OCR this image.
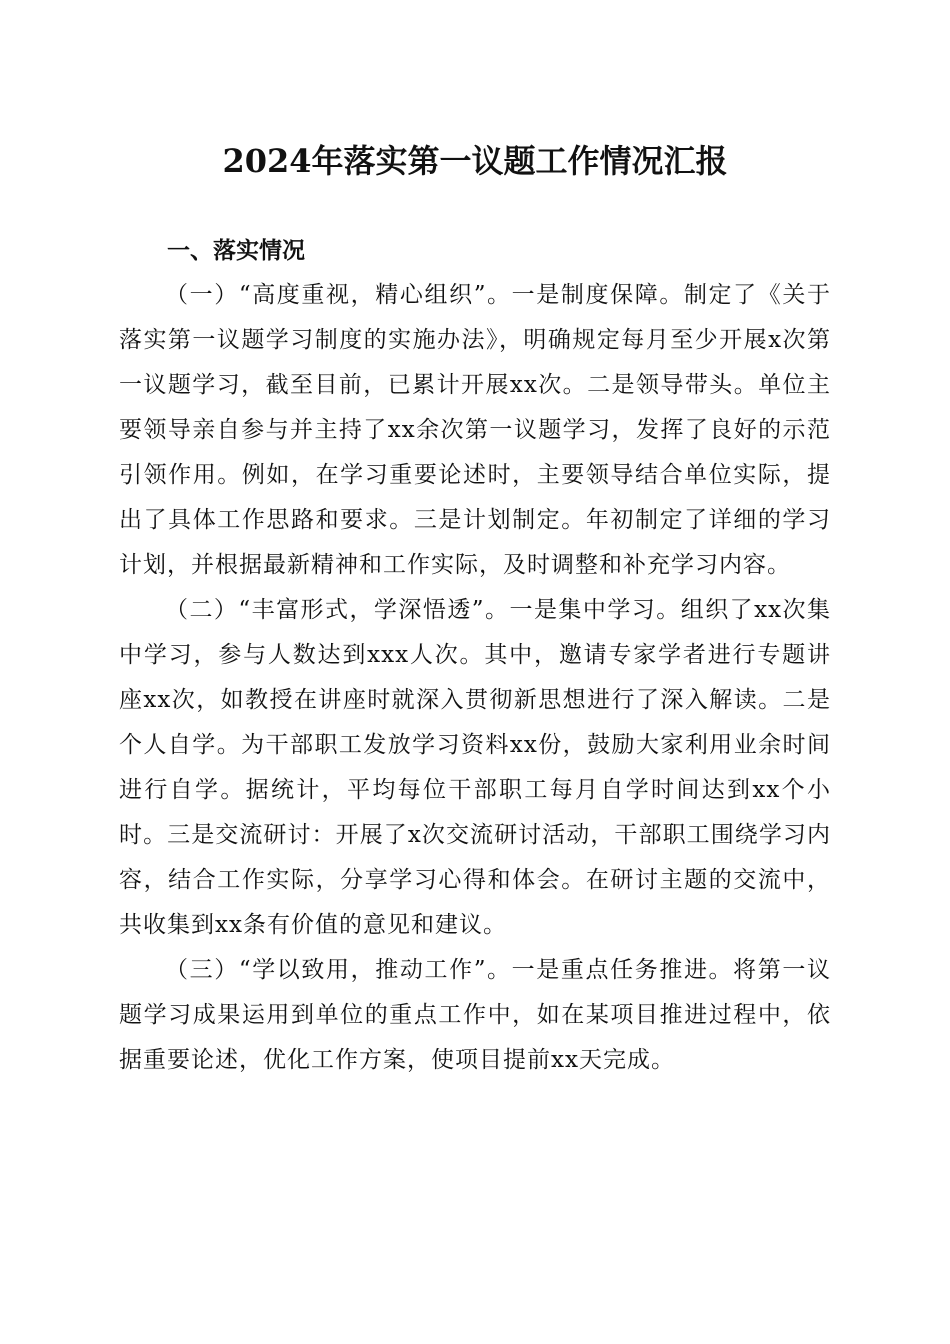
2024年落实第一议题工作情况汇报

一、落实情况

（一）“高度重视，精心组织”。一是制度保障。制定了《关于落实第一议题学习制度的实施办法》，明确规定每月至少开展x次第一议题学习，截至目前，已累计开展xx次。二是领导带头。单位主要领导亲自参与并主持了xx余次第一议题学习，发挥了良好的示范引领作用。例如，在学习重要论述时，主要领导结合单位实际，提出了具体工作思路和要求。三是计划制定。年初制定了详细的学习计划，并根据最新精神和工作实际，及时调整和补充学习内容。

（二）“丰富形式，学深悟透”。一是集中学习。组织了xx次集中学习，参与人数达到xxx人次。其中，邀请专家学者进行专题讲座xx次，如教授在讲座时就深入贯彻新思想进行了深入解读。二是个人自学。为干部职工发放学习资料xx份，鼓励大家利用业余时间进行自学。据统计，平均每位干部职工每月自学时间达到xx个小时。三是交流研讨：开展了x次交流研讨活动，干部职工围绕学习内容，结合工作实际，分享学习心得和体会。在研讨主题的交流中，共收集到xx条有价值的意见和建议。

（三）“学以致用，推动工作”。一是重点任务推进。将第一议题学习成果运用到单位的重点工作中，如在某项目推进过程中，依据重要论述，优化工作方案，使项目提前xx天完成。
